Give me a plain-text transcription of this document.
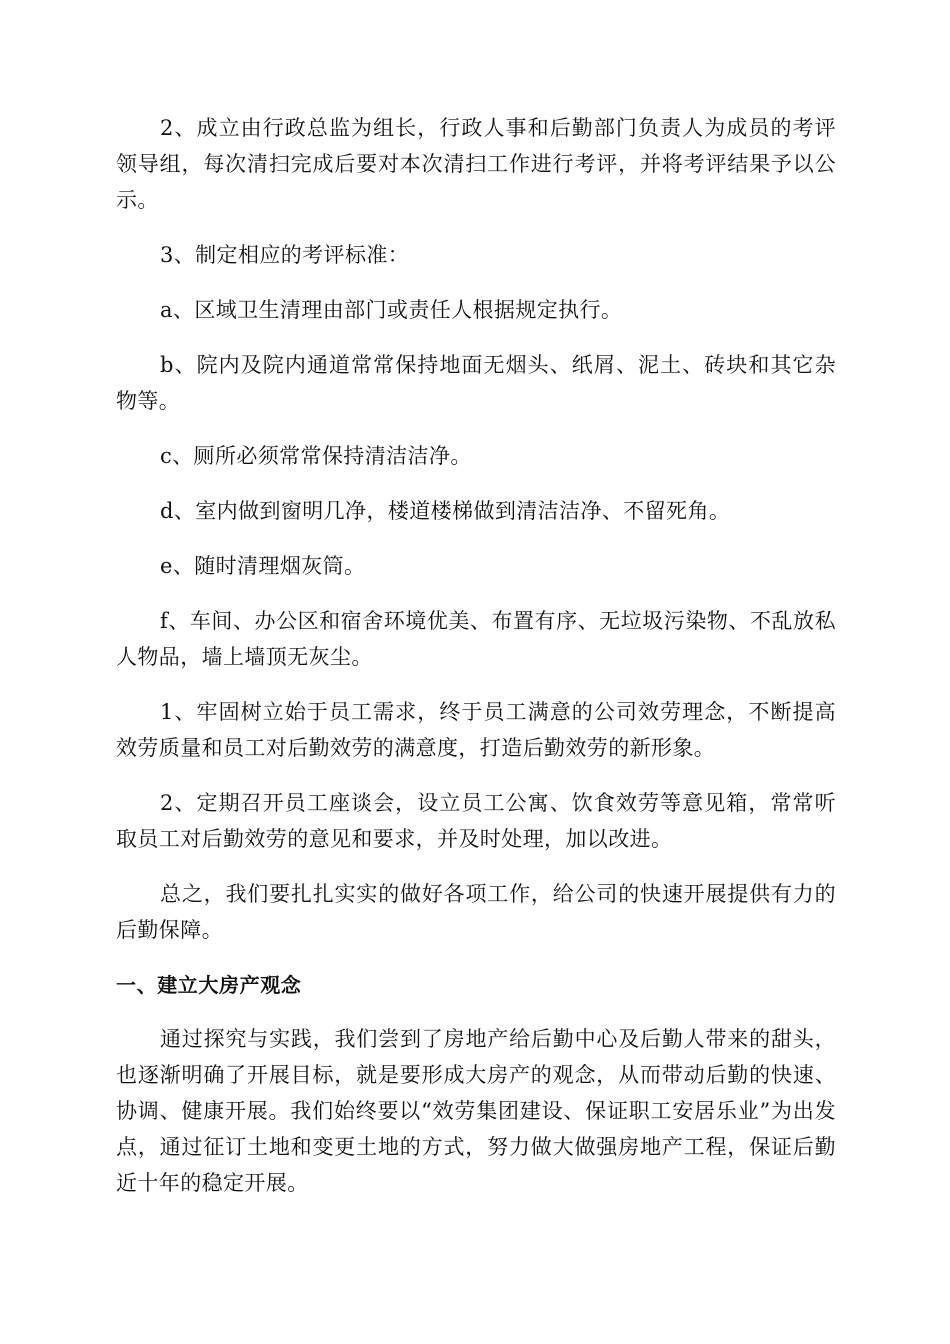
2、成立由行政总监为组长，行政人事和后勤部门负责人为成员的考评领导组，每次清扫完成后要对本次清扫工作进行考评，并将考评结果予以公示。

3、制定相应的考评标准：

a、区域卫生清理由部门或责任人根据规定执行。

b、院内及院内通道常常保持地面无烟头、纸屑、泥土、砖块和其它杂物等。

c、厕所必须常常保持清洁洁净。

d、室内做到窗明几净，楼道楼梯做到清洁洁净、不留死角。

e、随时清理烟灰筒。

f、车间、办公区和宿舍环境优美、布置有序、无垃圾污染物、不乱放私人物品，墙上墙顶无灰尘。

1、牢固树立始于员工需求，终于员工满意的公司效劳理念，不断提高效劳质量和员工对后勤效劳的满意度，打造后勤效劳的新形象。

2、定期召开员工座谈会，设立员工公寓、饮食效劳等意见箱，常常听取员工对后勤效劳的意见和要求，并及时处理，加以改进。

总之，我们要扎扎实实的做好各项工作，给公司的快速开展提供有力的后勤保障。

一、建立大房产观念

通过探究与实践，我们尝到了房地产给后勤中心及后勤人带来的甜头，也逐渐明确了开展目标，就是要形成大房产的观念，从而带动后勤的快速、协调、健康开展。我们始终要以“效劳集团建设、保证职工安居乐业”为出发点，通过征订土地和变更土地的方式，努力做大做强房地产工程，保证后勤近十年的稳定开展。
